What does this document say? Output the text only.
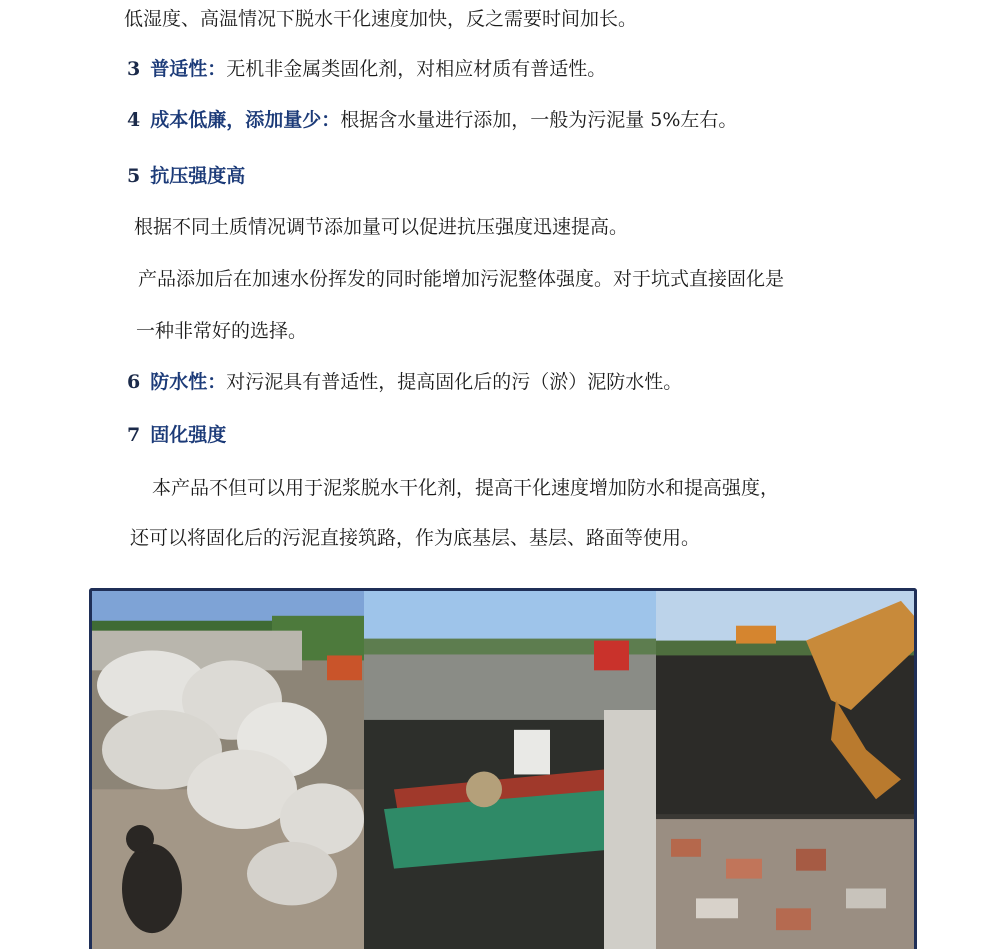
低湿度、高温情况下脱水干化速度加快，反之需要时间加长。
3 普适性：无机非金属类固化剂，对相应材质有普适性。
4 成本低廉，添加量少：根据含水量进行添加，一般为污泥量 5%左右。
5 抗压强度高
根据不同土质情况调节添加量可以促进抗压强度迅速提高。
产品添加后在加速水份挥发的同时能增加污泥整体强度。对于坑式直接固化是
一种非常好的选择。
6 防水性：对污泥具有普适性，提高固化后的污（淤）泥防水性。
7 固化强度
本产品不但可以用于泥浆脱水干化剂，提高干化速度增加防水和提高强度，
还可以将固化后的污泥直接筑路，作为底基层、基层、路面等使用。
